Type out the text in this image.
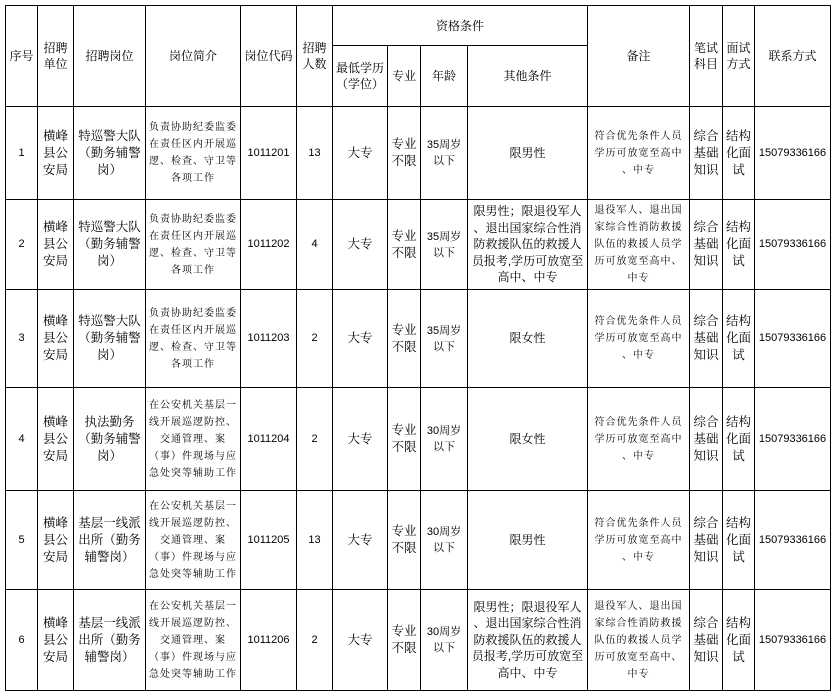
序号	招聘单位	招聘岗位	岗位简介	岗位代码	招聘人数	资格条件				备注	笔试科目	面试方式	联系方式
						最低学历（学位）	专业	年龄	其他条件				
1	横峰县公安局	特巡警大队（勤务辅警岗）	负责协助纪委监委在责任区内开展巡逻、检查、守卫等各项工作	1011201	13	大专	专业不限	35周岁以下	限男性	符合优先条件人员学历可放宽至高中、中专	综合基础知识	结构化面试	15079336166
2	横峰县公安局	特巡警大队（勤务辅警岗）	负责协助纪委监委在责任区内开展巡逻、检查、守卫等各项工作	1011202	4	大专	专业不限	35周岁以下	限男性；限退役军人、退出国家综合性消防救援队伍的救援人员报考,学历可放宽至高中、中专	退役军人、退出国家综合性消防救援队伍的救援人员学历可放宽至高中、中专	综合基础知识	结构化面试	15079336166
3	横峰县公安局	特巡警大队（勤务辅警岗）	负责协助纪委监委在责任区内开展巡逻、检查、守卫等各项工作	1011203	2	大专	专业不限	35周岁以下	限女性	符合优先条件人员学历可放宽至高中、中专	综合基础知识	结构化面试	15079336166
4	横峰县公安局	执法勤务（勤务辅警岗）	在公安机关基层一线开展巡逻防控、交通管理、案（事）件现场与应急处突等辅助工作	1011204	2	大专	专业不限	30周岁以下	限女性	符合优先条件人员学历可放宽至高中、中专	综合基础知识	结构化面试	15079336166
5	横峰县公安局	基层一线派出所（勤务辅警岗）	在公安机关基层一线开展巡逻防控、交通管理、案（事）件现场与应急处突等辅助工作	1011205	13	大专	专业不限	30周岁以下	限男性	符合优先条件人员学历可放宽至高中、中专	综合基础知识	结构化面试	15079336166
6	横峰县公安局	基层一线派出所（勤务辅警岗）	在公安机关基层一线开展巡逻防控、交通管理、案（事）件现场与应急处突等辅助工作	1011206	2	大专	专业不限	30周岁以下	限男性；限退役军人、退出国家综合性消防救援队伍的救援人员报考,学历可放宽至高中、中专	退役军人、退出国家综合性消防救援队伍的救援人员学历可放宽至高中、中专	综合基础知识	结构化面试	15079336166
